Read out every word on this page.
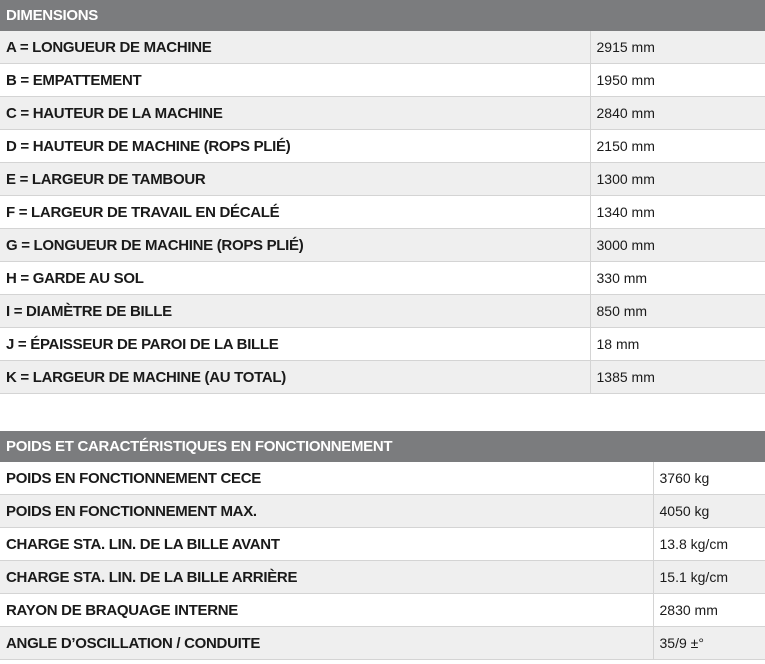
DIMENSIONS	
A = LONGUEUR DE MACHINE	2915 mm
B = EMPATTEMENT	1950 mm
C = HAUTEUR DE LA MACHINE	2840 mm
D = HAUTEUR DE MACHINE (ROPS PLIÉ)	2150 mm
E = LARGEUR DE TAMBOUR	1300 mm
F = LARGEUR DE TRAVAIL EN DÉCALÉ	1340 mm
G = LONGUEUR DE MACHINE (ROPS PLIÉ)	3000 mm
H = GARDE AU SOL	330 mm
I = DIAMÈTRE DE BILLE	850 mm
J = ÉPAISSEUR DE PAROI DE LA BILLE	18 mm
K = LARGEUR DE MACHINE (AU TOTAL)	1385 mm
POIDS ET CARACTÉRISTIQUES EN FONCTIONNEMENT	
POIDS EN FONCTIONNEMENT CECE	3760 kg
POIDS EN FONCTIONNEMENT MAX.	4050 kg
CHARGE STA. LIN. DE LA BILLE AVANT	13.8 kg/cm
CHARGE STA. LIN. DE LA BILLE ARRIÈRE	15.1 kg/cm
RAYON DE BRAQUAGE INTERNE	2830 mm
ANGLE D’OSCILLATION / CONDUITE	35/9 ±°
